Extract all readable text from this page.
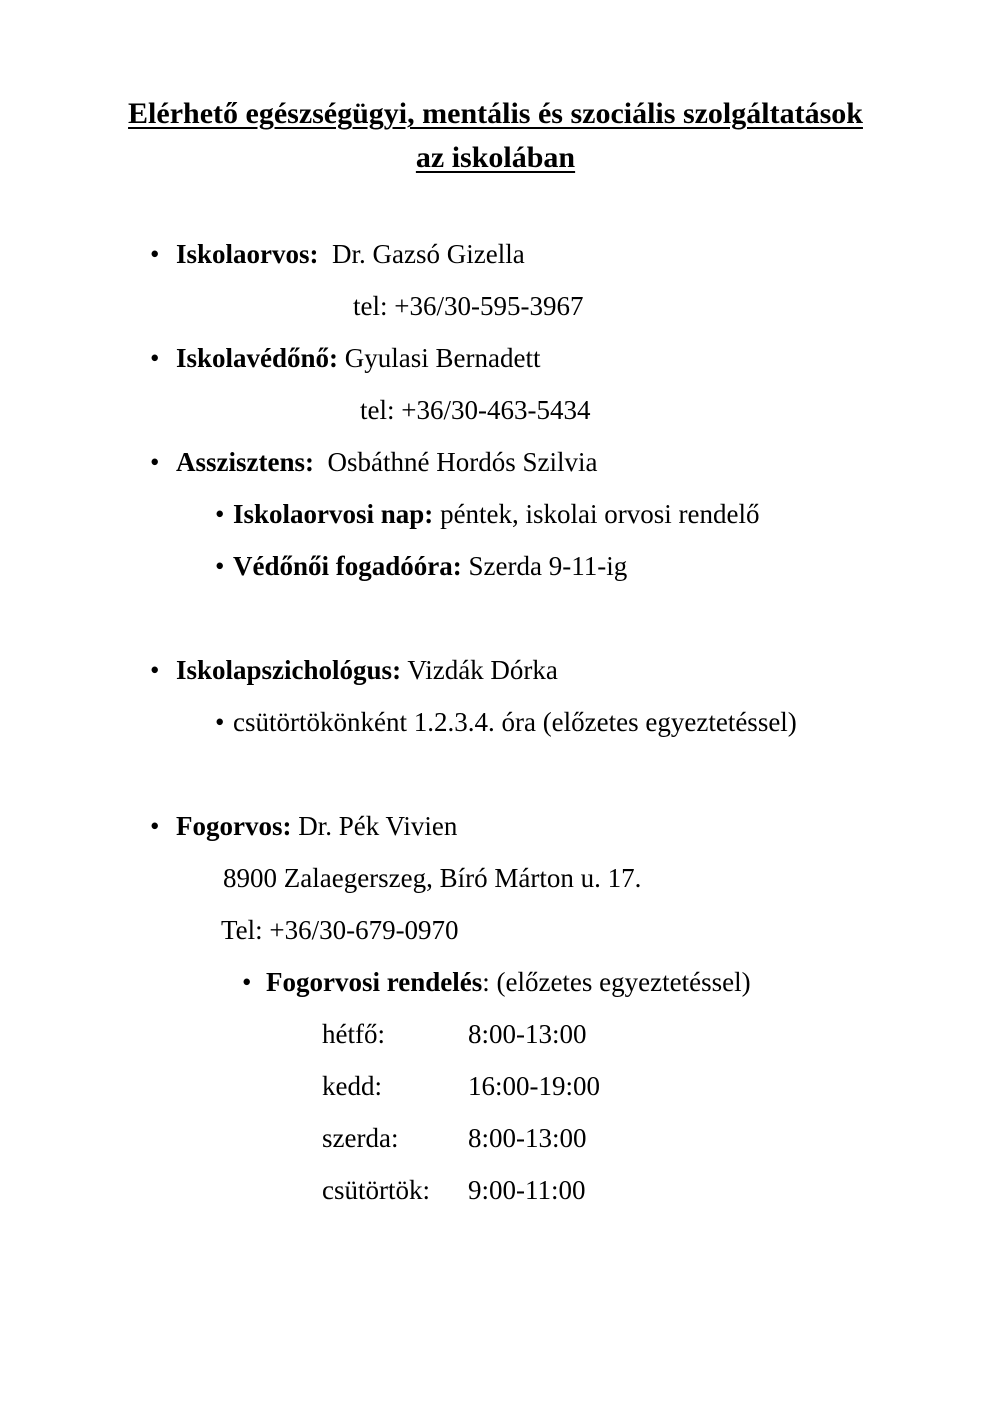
Elérhető egészségügyi, mentális és szociális szolgáltatások
az iskolában
• Iskolaorvos: Dr. Gazsó Gizella
tel: +36/30-595-3967
• Iskolavédőnő: Gyulasi Bernadett
tel: +36/30-463-5434
• Asszisztens: Osbáthné Hordós Szilvia
• Iskolaorvosi nap: péntek, iskolai orvosi rendelő
• Védőnői fogadóóra: Szerda 9-11-ig
• Iskolapszichológus: Vizdák Dórka
• csütörtökönként 1.2.3.4. óra (előzetes egyeztetéssel)
• Fogorvos: Dr. Pék Vivien
8900 Zalaegerszeg, Bíró Márton u. 17.
Tel: +36/30-679-0970
• Fogorvosi rendelés: (előzetes egyeztetéssel)
hétfő:	8:00-13:00
kedd:	16:00-19:00
szerda:	8:00-13:00
csütörtök: 9:00-11:00
